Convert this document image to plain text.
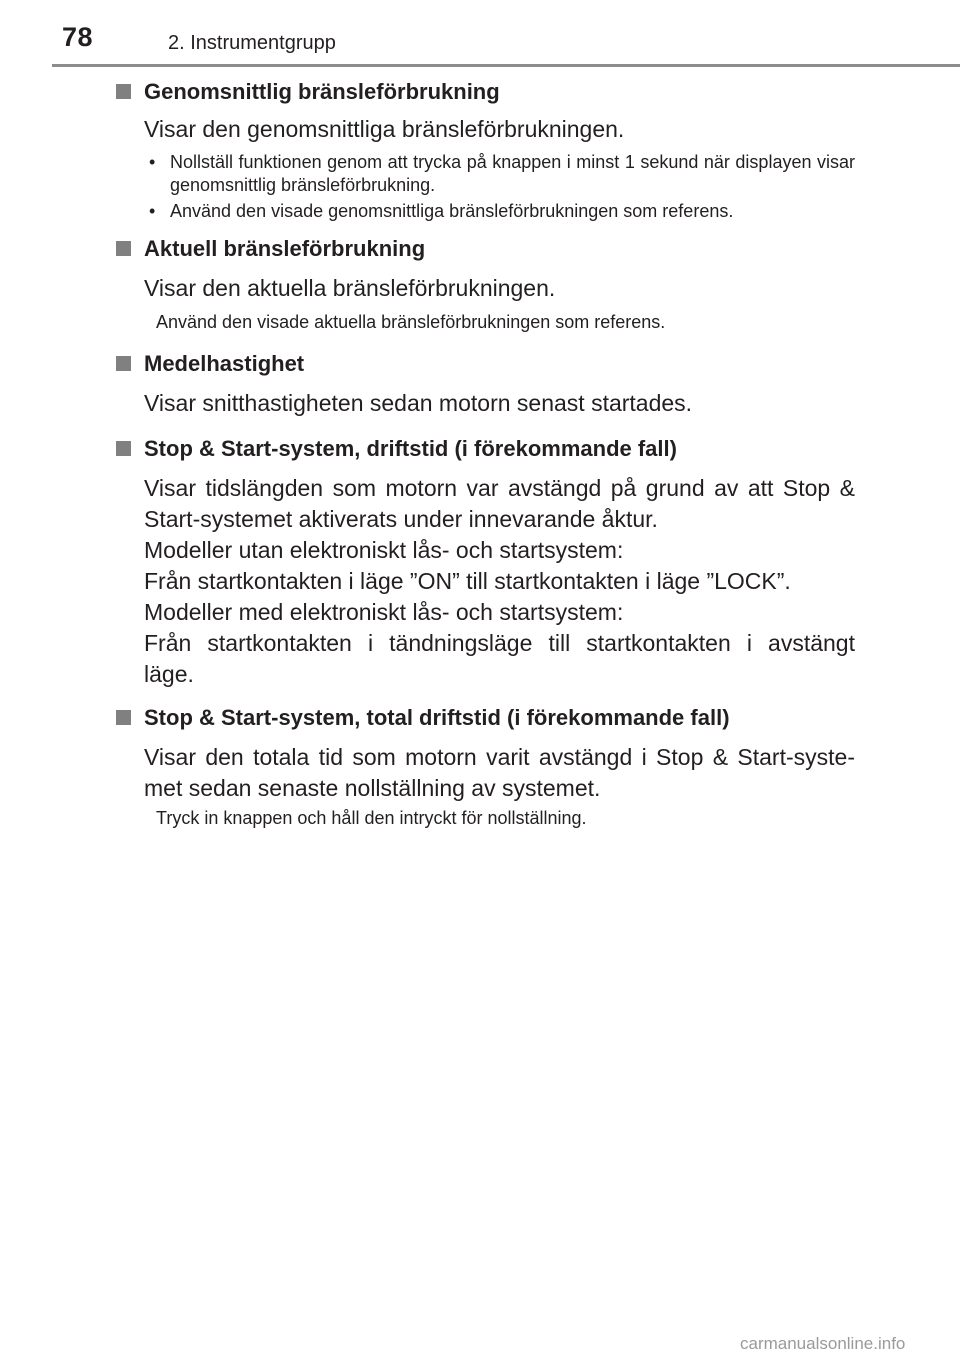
78	2. Instrumentgrupp
Genomsnittlig bränsleförbrukning
Visar den genomsnittliga bränsleförbrukningen.
• Nollställ funktionen genom att trycka på knappen i minst 1 sekund när displayen visar genomsnittlig bränsleförbrukning.
• Använd den visade genomsnittliga bränsleförbrukningen som referens.
Aktuell bränsleförbrukning
Visar den aktuella bränsleförbrukningen.
Använd den visade aktuella bränsleförbrukningen som referens.
Medelhastighet
Visar snitthastigheten sedan motorn senast startades.
Stop & Start-system, driftstid (i förekommande fall)
Visar tidslängden som motorn var avstängd på grund av att Stop &
Start-systemet aktiverats under innevarande åktur.
Modeller utan elektroniskt lås- och startsystem:
Från startkontakten i läge ”ON” till startkontakten i läge ”LOCK”.
Modeller med elektroniskt lås- och startsystem:
Från startkontakten i tändningsläge till startkontakten i avstängt
läge.
Stop & Start-system, total driftstid (i förekommande fall)
Visar den totala tid som motorn varit avstängd i Stop & Start-syste-
met sedan senaste nollställning av systemet.
Tryck in knappen och håll den intryckt för nollställning.
carmanualsonline.info
